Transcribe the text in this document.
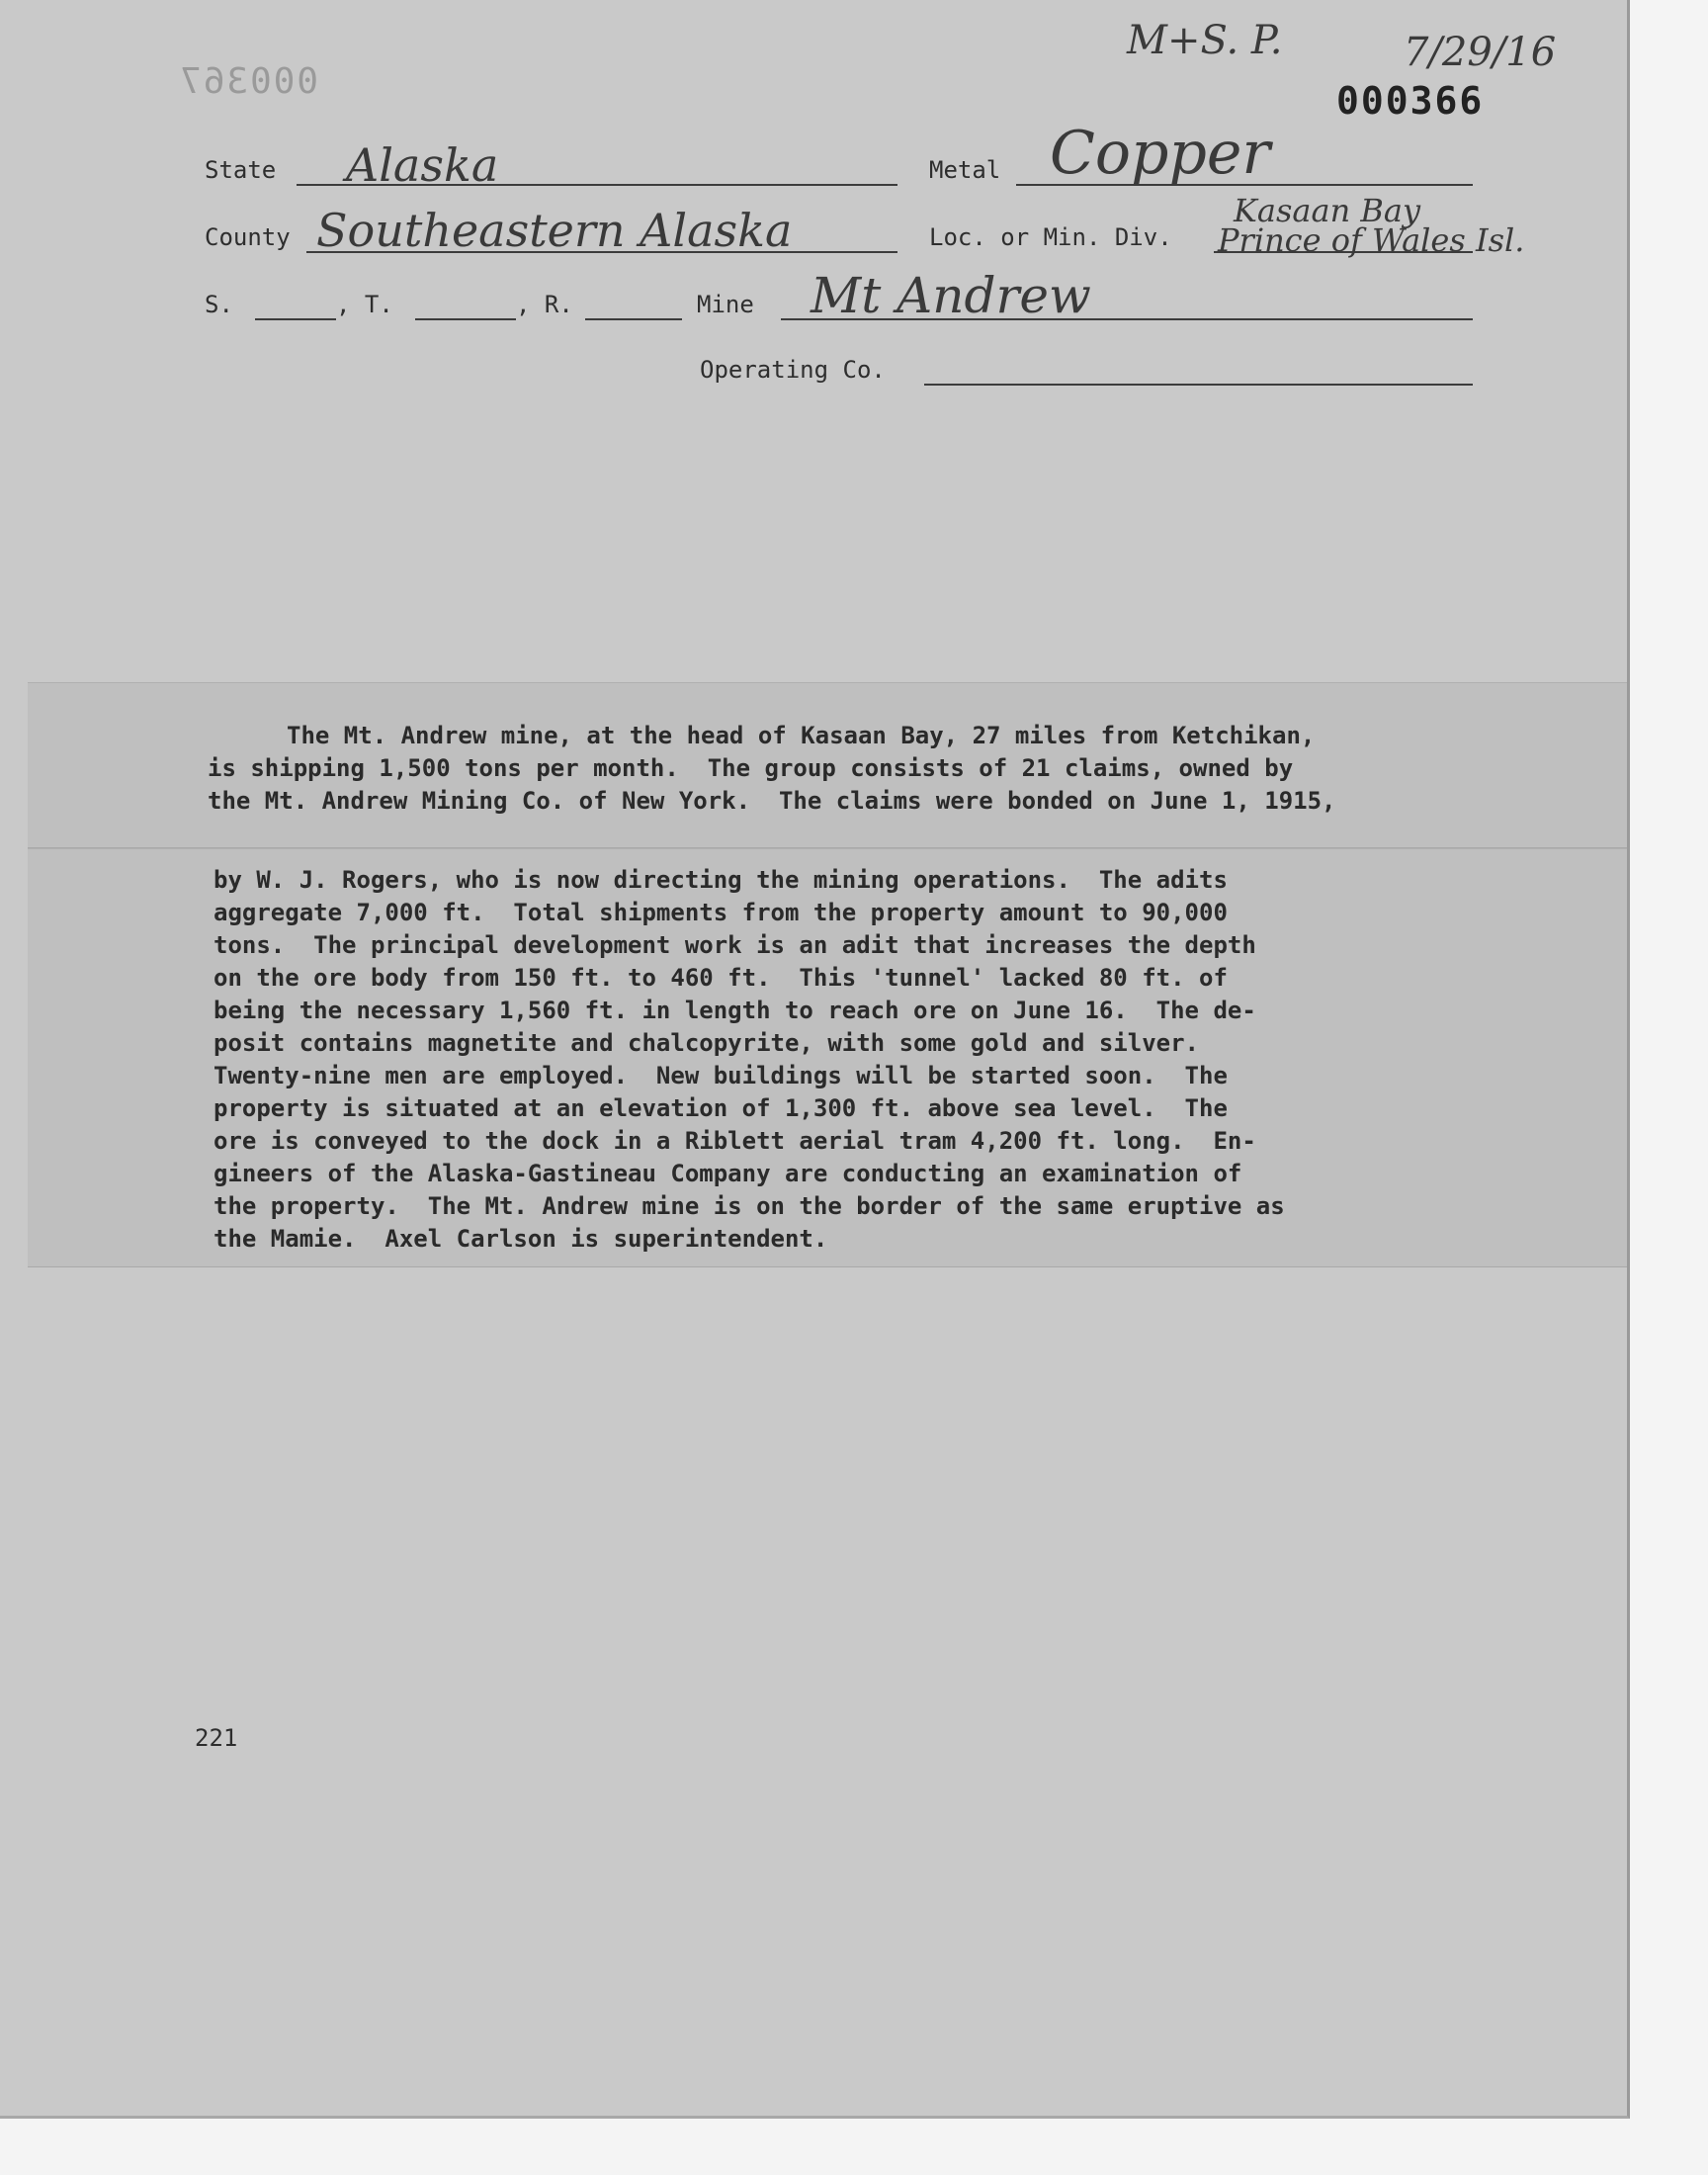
M+S. P.	7/29/16
000366
000367
State Alaska	Metal Copper
County Southeastern Alaska	Loc. or Min. Div.
Kasaan Bay
Prince of Wales Isl.
S.	, T.	, R.	Mine Mt Andrew
Operating Co.
The Mt. Andrew mine, at the head of Kasaan Bay, 27 miles from Ketchikan,
is shipping 1,500 tons per month.  The group consists of 21 claims, owned by
the Mt. Andrew Mining Co. of New York.  The claims were bonded on June 1, 1915,
by W. J. Rogers, who is now directing the mining operations.  The adits
aggregate 7,000 ft.  Total shipments from the property amount to 90,000
tons.  The principal development work is an adit that increases the depth
on the ore body from 150 ft. to 460 ft.  This 'tunnel' lacked 80 ft. of
being the necessary 1,560 ft. in length to reach ore on June 16.  The de-
posit contains magnetite and chalcopyrite, with some gold and silver.
Twenty-nine men are employed.  New buildings will be started soon.  The
property is situated at an elevation of 1,300 ft. above sea level.  The
ore is conveyed to the dock in a Riblett aerial tram 4,200 ft. long.  En-
gineers of the Alaska-Gastineau Company are conducting an examination of
the property.  The Mt. Andrew mine is on the border of the same eruptive as
the Mamie.  Axel Carlson is superintendent.
221
